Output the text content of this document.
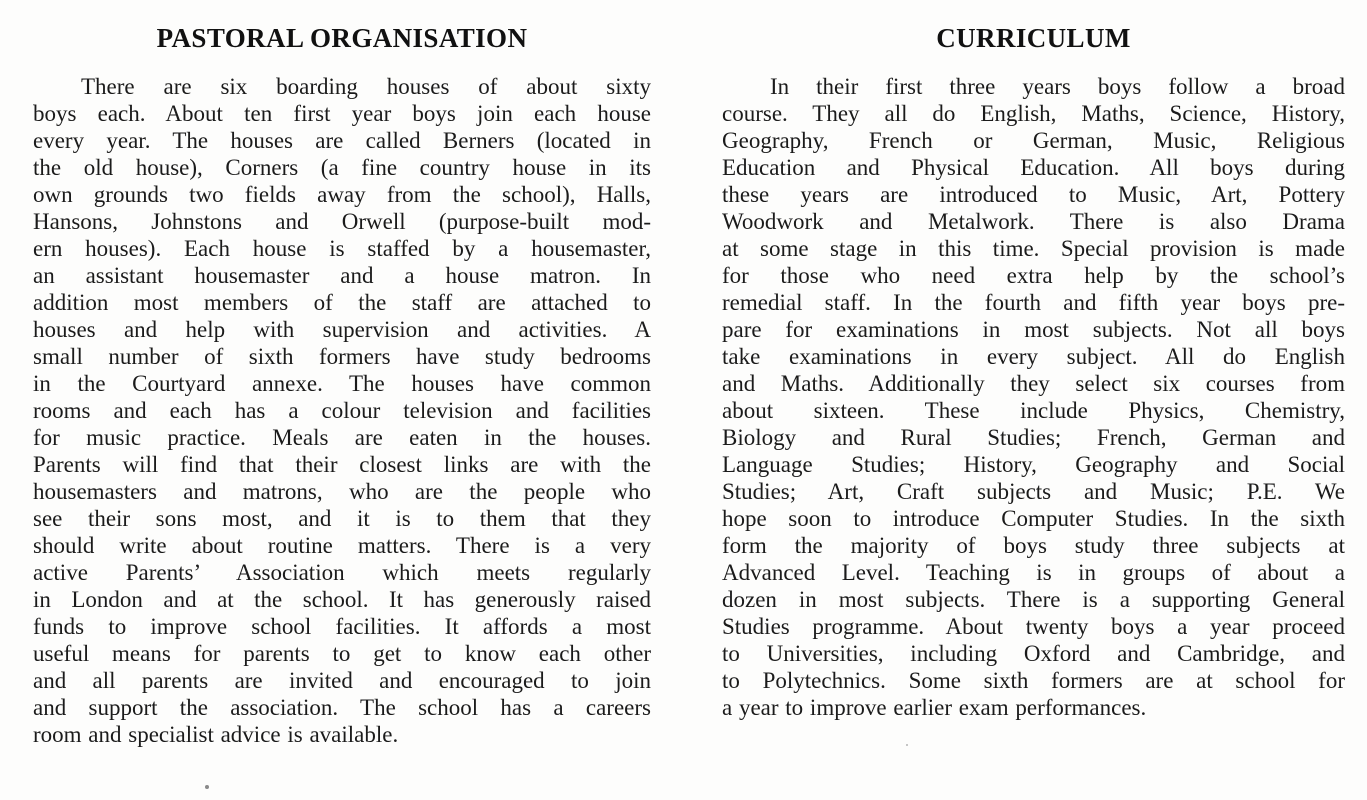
PASTORAL ORGANISATION
There are six boarding houses of about sixty
boys each. About ten first year boys join each house
every year. The houses are called Berners (located in
the old house), Corners (a fine country house in its
own grounds two fields away from the school), Halls,
Hansons, Johnstons and Orwell (purpose-built mod-
ern houses). Each house is staffed by a housemaster,
an assistant housemaster and a house matron. In
addition most members of the staff are attached to
houses and help with supervision and activities. A
small number of sixth formers have study bedrooms
in the Courtyard annexe. The houses have common
rooms and each has a colour television and facilities
for music practice. Meals are eaten in the houses.
Parents will find that their closest links are with the
housemasters and matrons, who are the people who
see their sons most, and it is to them that they
should write about routine matters. There is a very
active Parents’ Association which meets regularly
in London and at the school. It has generously raised
funds to improve school facilities. It affords a most
useful means for parents to get to know each other
and all parents are invited and encouraged to join
and support the association. The school has a careers
room and specialist advice is available.
CURRICULUM
In their first three years boys follow a broad
course. They all do English, Maths, Science, History,
Geography, French or German, Music, Religious
Education and Physical Education. All boys during
these years are introduced to Music, Art, Pottery
Woodwork and Metalwork. There is also Drama
at some stage in this time. Special provision is made
for those who need extra help by the school’s
remedial staff. In the fourth and fifth year boys pre-
pare for examinations in most subjects. Not all boys
take examinations in every subject. All do English
and Maths. Additionally they select six courses from
about sixteen. These include Physics, Chemistry,
Biology and Rural Studies; French, German and
Language Studies; History, Geography and Social
Studies; Art, Craft subjects and Music; P.E. We
hope soon to introduce Computer Studies. In the sixth
form the majority of boys study three subjects at
Advanced Level. Teaching is in groups of about a
dozen in most subjects. There is a supporting General
Studies programme. About twenty boys a year proceed
to Universities, including Oxford and Cambridge, and
to Polytechnics. Some sixth formers are at school for
a year to improve earlier exam performances.
